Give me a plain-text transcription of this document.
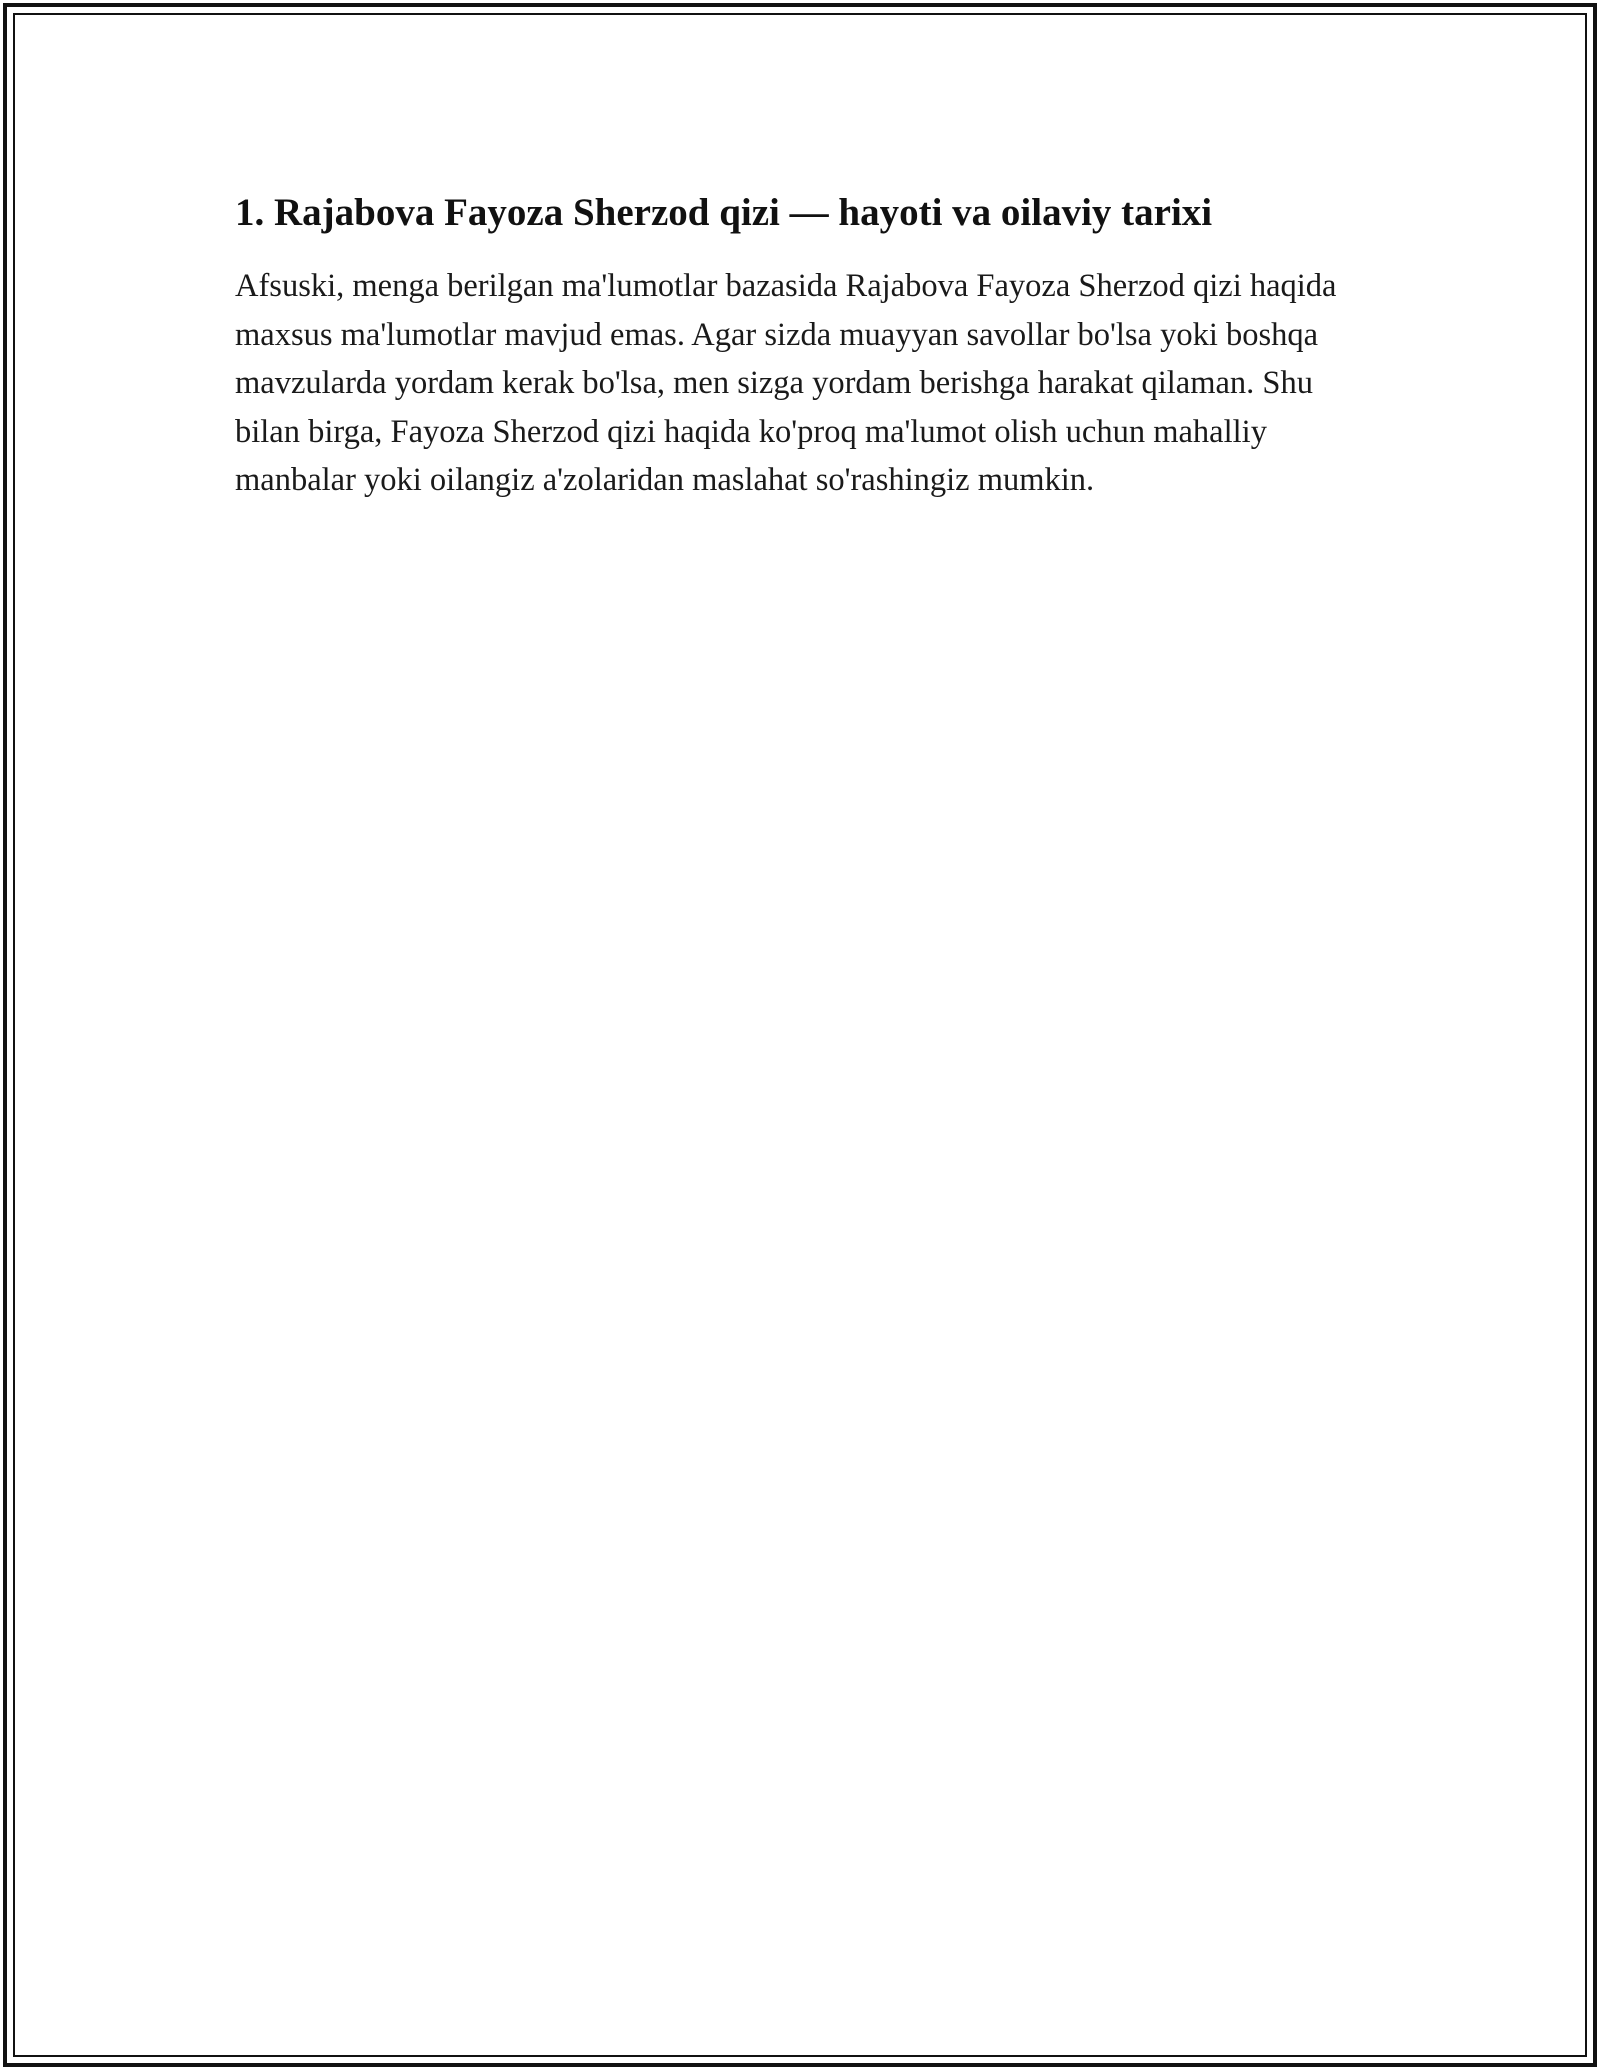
1. Rajabova Fayoza Sherzod qizi — hayoti va oilaviy tarixi

Afsuski, menga berilgan ma'lumotlar bazasida Rajabova Fayoza Sherzod qizi haqida maxsus ma'lumotlar mavjud emas. Agar sizda muayyan savollar bo'lsa yoki boshqa mavzularda yordam kerak bo'lsa, men sizga yordam berishga harakat qilaman. Shu bilan birga, Fayoza Sherzod qizi haqida ko'proq ma'lumot olish uchun mahalliy manbalar yoki oilangiz a'zolaridan maslahat so'rashingiz mumkin.
